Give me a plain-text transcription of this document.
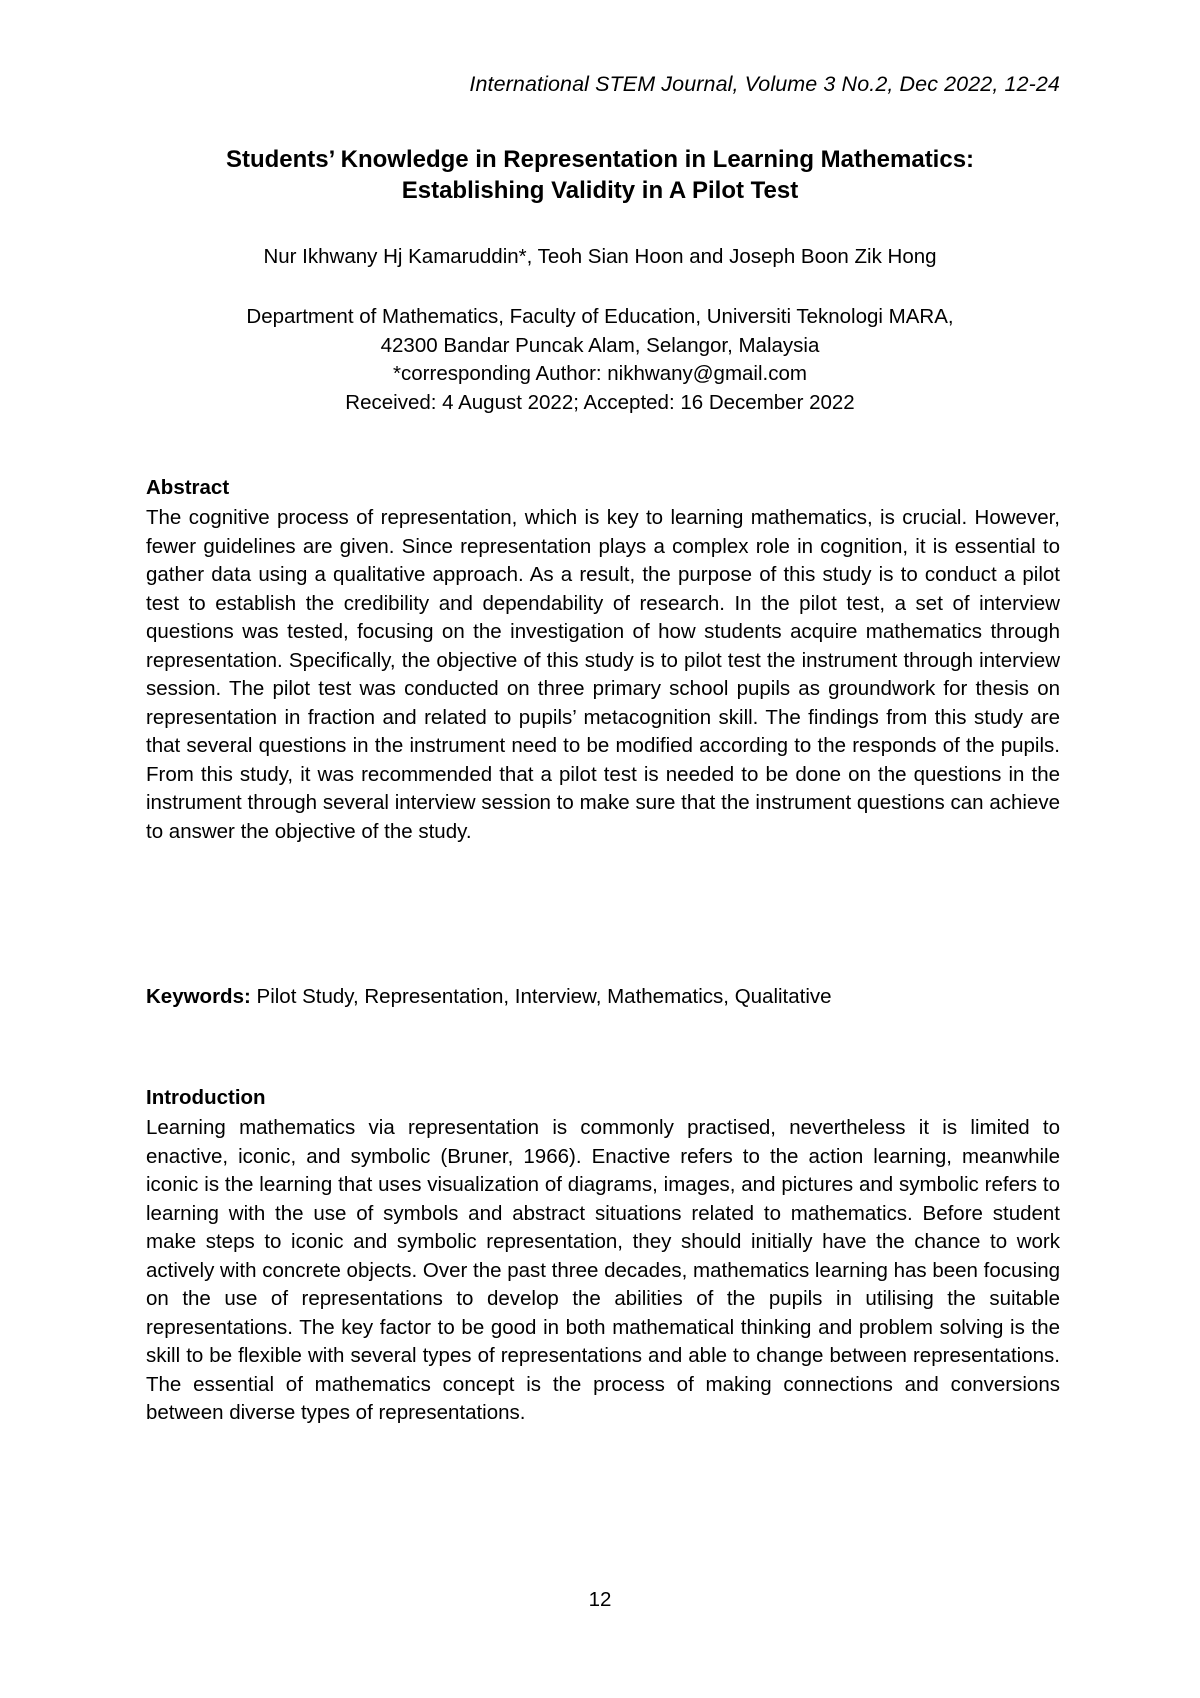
International STEM Journal, Volume 3 No.2, Dec 2022, 12-24
Students’ Knowledge in Representation in Learning Mathematics:
Establishing Validity in A Pilot Test
Nur Ikhwany Hj Kamaruddin*, Teoh Sian Hoon and Joseph Boon Zik Hong
Department of Mathematics, Faculty of Education, Universiti Teknologi MARA,
42300 Bandar Puncak Alam, Selangor, Malaysia
*corresponding Author: nikhwany@gmail.com
Received: 4 August 2022; Accepted: 16 December 2022
Abstract

The cognitive process of representation, which is key to learning mathematics, is crucial. However, fewer guidelines are given. Since representation plays a complex role in cognition, it is essential to gather data using a qualitative approach. As a result, the purpose of this study is to conduct a pilot test to establish the credibility and dependability of research. In the pilot test, a set of interview questions was tested, focusing on the investigation of how students acquire mathematics through representation. Specifically, the objective of this study is to pilot test the instrument through interview session. The pilot test was conducted on three primary school pupils as groundwork for thesis on representation in fraction and related to pupils’ metacognition skill. The findings from this study are that several questions in the instrument need to be modified according to the responds of the pupils. From this study, it was recommended that a pilot test is needed to be done on the questions in the instrument through several interview session to make sure that the instrument questions can achieve to answer the objective of the study.

Keywords: Pilot Study, Representation, Interview, Mathematics, Qualitative
Introduction

Learning mathematics via representation is commonly practised, nevertheless it is limited to enactive, iconic, and symbolic (Bruner, 1966). Enactive refers to the action learning, meanwhile iconic is the learning that uses visualization of diagrams, images, and pictures and symbolic refers to learning with the use of symbols and abstract situations related to mathematics. Before student make steps to iconic and symbolic representation, they should initially have the chance to work actively with concrete objects. Over the past three decades, mathematics learning has been focusing on the use of representations to develop the abilities of the pupils in utilising the suitable representations. The key factor to be good in both mathematical thinking and problem solving is the skill to be flexible with several types of representations and able to change between representations. The essential of mathematics concept is the process of making connections and conversions between diverse types of representations.

12
